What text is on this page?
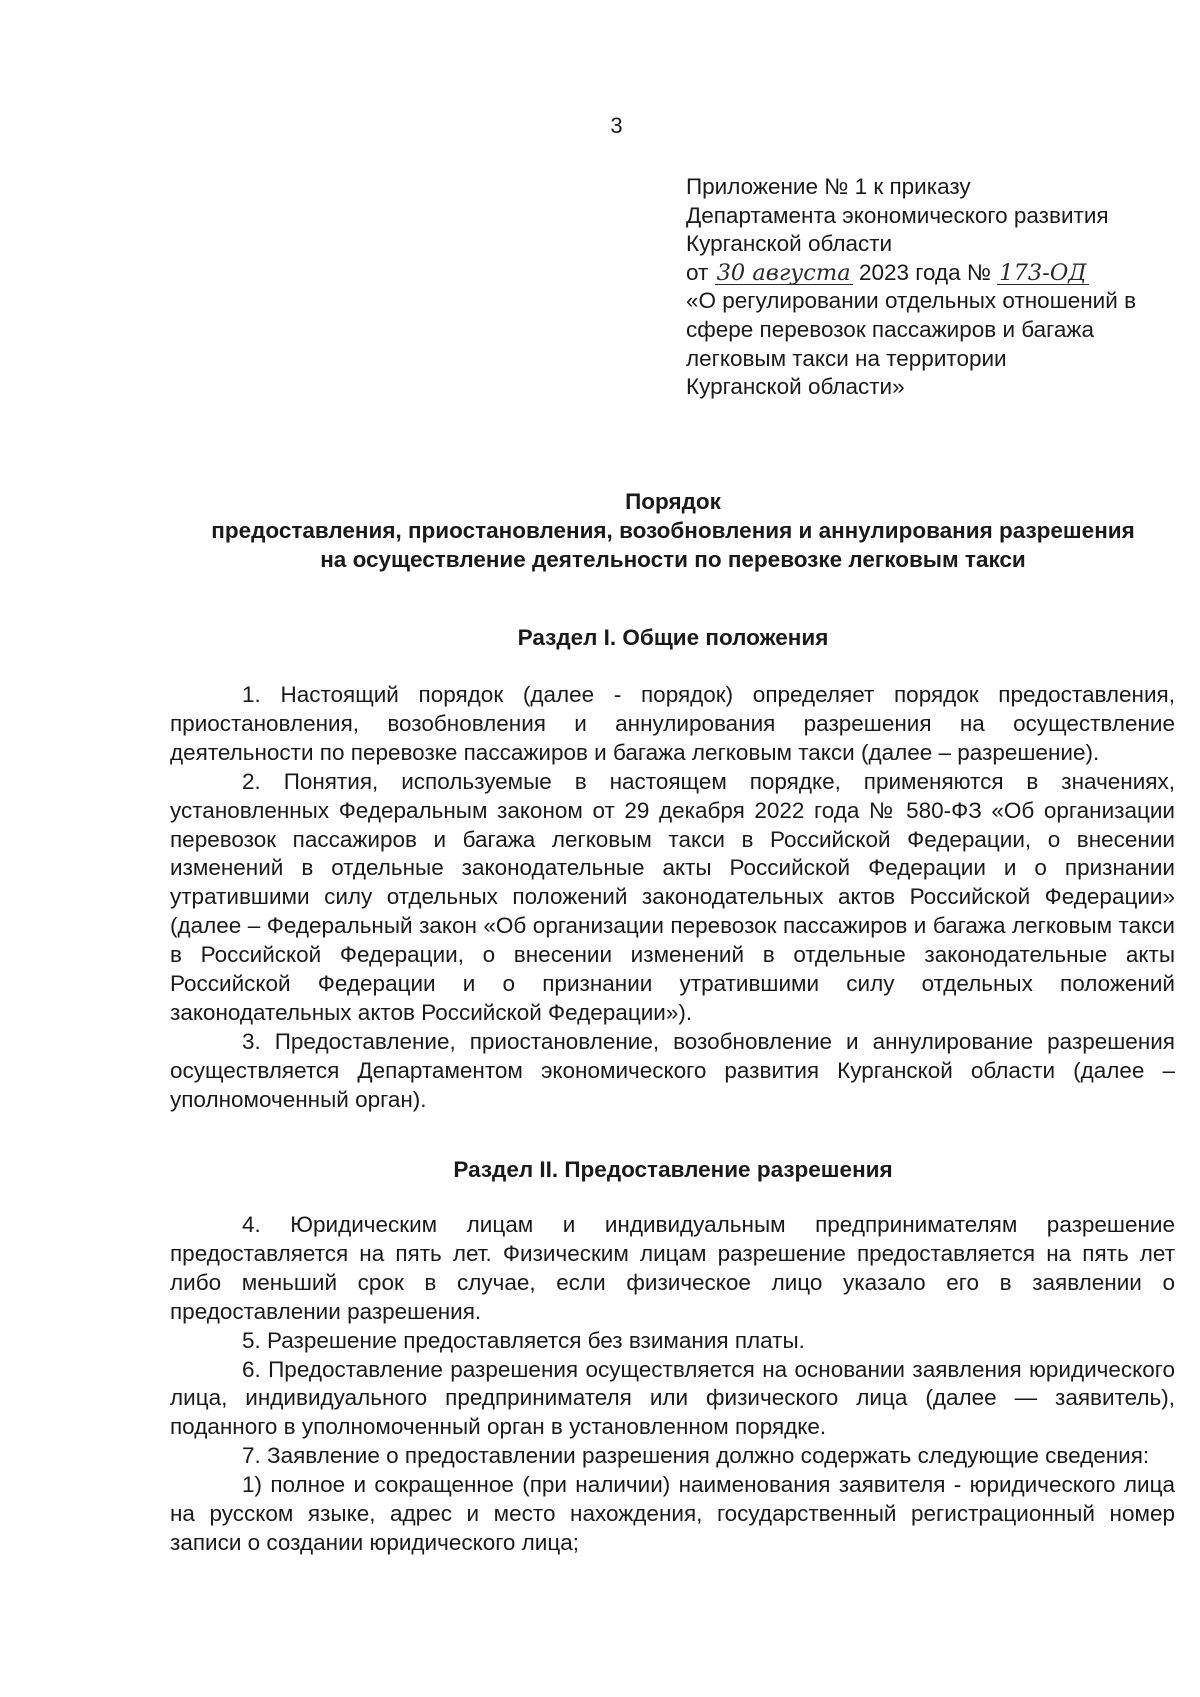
3
Приложение № 1 к приказу
Департамента экономического развития
Курганской области
от 30 августа 2023 года № 173-ОД
«О регулировании отдельных отношений в
сфере перевозок пассажиров и багажа
легковым такси на территории
Курганской области»
Порядок
предоставления, приостановления, возобновления и аннулирования разрешения
на осуществление деятельности по перевозке легковым такси
Раздел I. Общие положения

1. Настоящий порядок (далее - порядок) определяет порядок предоставления, приостановления, возобновления и аннулирования разрешения на осуществление деятельности по перевозке пассажиров и багажа легковым такси (далее – разрешение).

2. Понятия, используемые в настоящем порядке, применяются в значениях, установленных Федеральным законом от 29 декабря 2022 года № 580-ФЗ «Об организации перевозок пассажиров и багажа легковым такси в Российской Федерации, о внесении изменений в отдельные законодательные акты Российской Федерации и о признании утратившими силу отдельных положений законодательных актов Российской Федерации» (далее – Федеральный закон «Об организации перевозок пассажиров и багажа легковым такси в Российской Федерации, о внесении изменений в отдельные законодательные акты Российской Федерации и о признании утратившими силу отдельных положений законодательных актов Российской Федерации»).

3. Предоставление, приостановление, возобновление и аннулирование разрешения осуществляется Департаментом экономического развития Курганской области (далее – уполномоченный орган).

Раздел II. Предоставление разрешения

4. Юридическим лицам и индивидуальным предпринимателям разрешение предоставляется на пять лет. Физическим лицам разрешение предоставляется на пять лет либо меньший срок в случае, если физическое лицо указало его в заявлении о предоставлении разрешения.

5. Разрешение предоставляется без взимания платы.

6. Предоставление разрешения осуществляется на основании заявления юридического лица, индивидуального предпринимателя или физического лица (далее — заявитель), поданного в уполномоченный орган в установленном порядке.

7. Заявление о предоставлении разрешения должно содержать следующие сведения:

1) полное и сокращенное (при наличии) наименования заявителя - юридического лица на русском языке, адрес и место нахождения, государственный регистрационный номер записи о создании юридического лица;
